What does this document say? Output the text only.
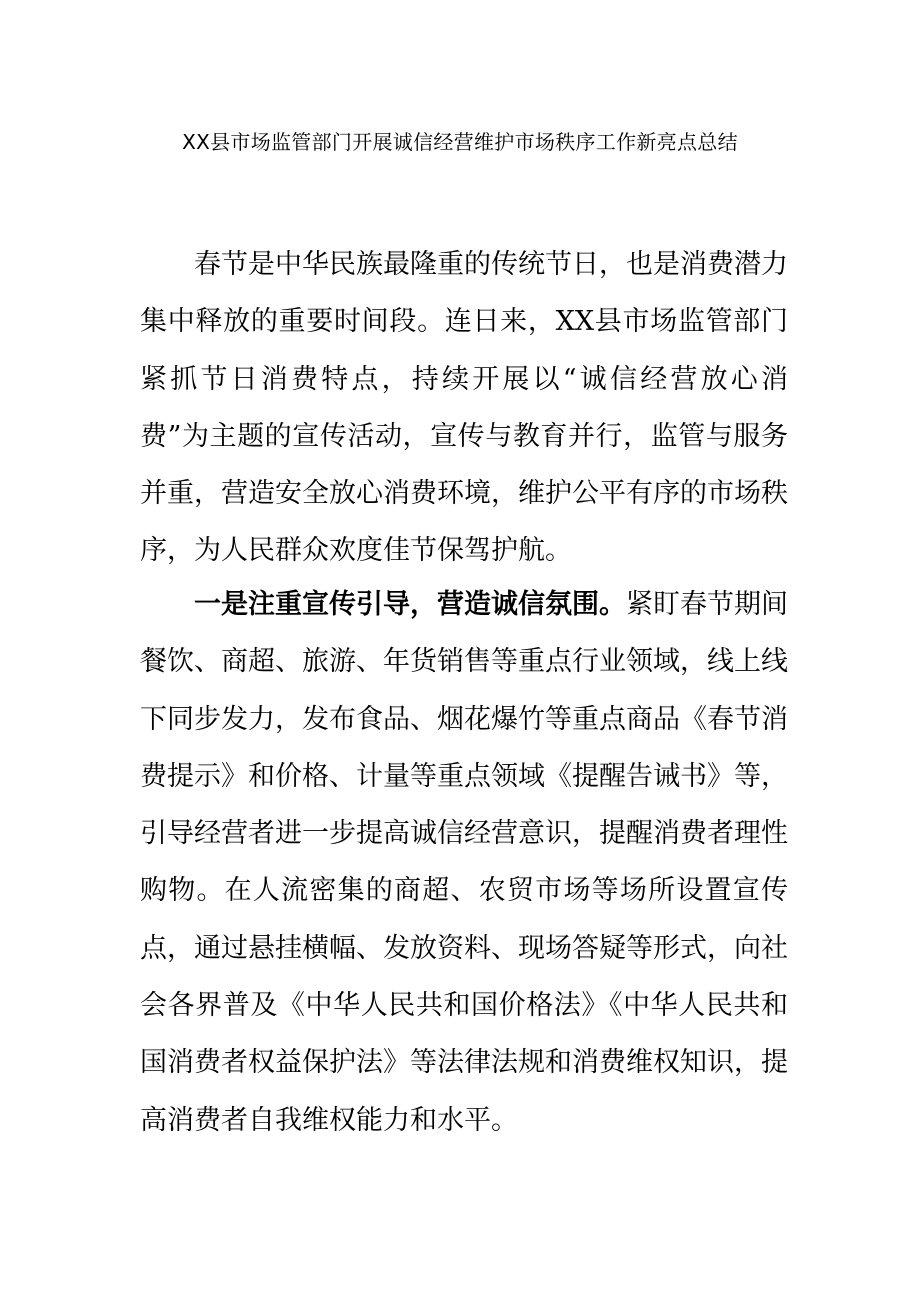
XX县市场监管部门开展诚信经营维护市场秩序工作新亮点总结

春节是中华民族最隆重的传统节日，也是消费潜力集中释放的重要时间段。连日来，XX县市场监管部门紧抓节日消费特点，持续开展以“诚信经营放心消费”为主题的宣传活动，宣传与教育并行，监管与服务并重，营造安全放心消费环境，维护公平有序的市场秩序，为人民群众欢度佳节保驾护航。

一是注重宣传引导，营造诚信氛围。紧盯春节期间餐饮、商超、旅游、年货销售等重点行业领域，线上线下同步发力，发布食品、烟花爆竹等重点商品《春节消费提示》和价格、计量等重点领域《提醒告诫书》等，引导经营者进一步提高诚信经营意识，提醒消费者理性购物。在人流密集的商超、农贸市场等场所设置宣传点，通过悬挂横幅、发放资料、现场答疑等形式，向社会各界普及《中华人民共和国价格法》《中华人民共和国消费者权益保护法》等法律法规和消费维权知识，提高消费者自我维权能力和水平。
